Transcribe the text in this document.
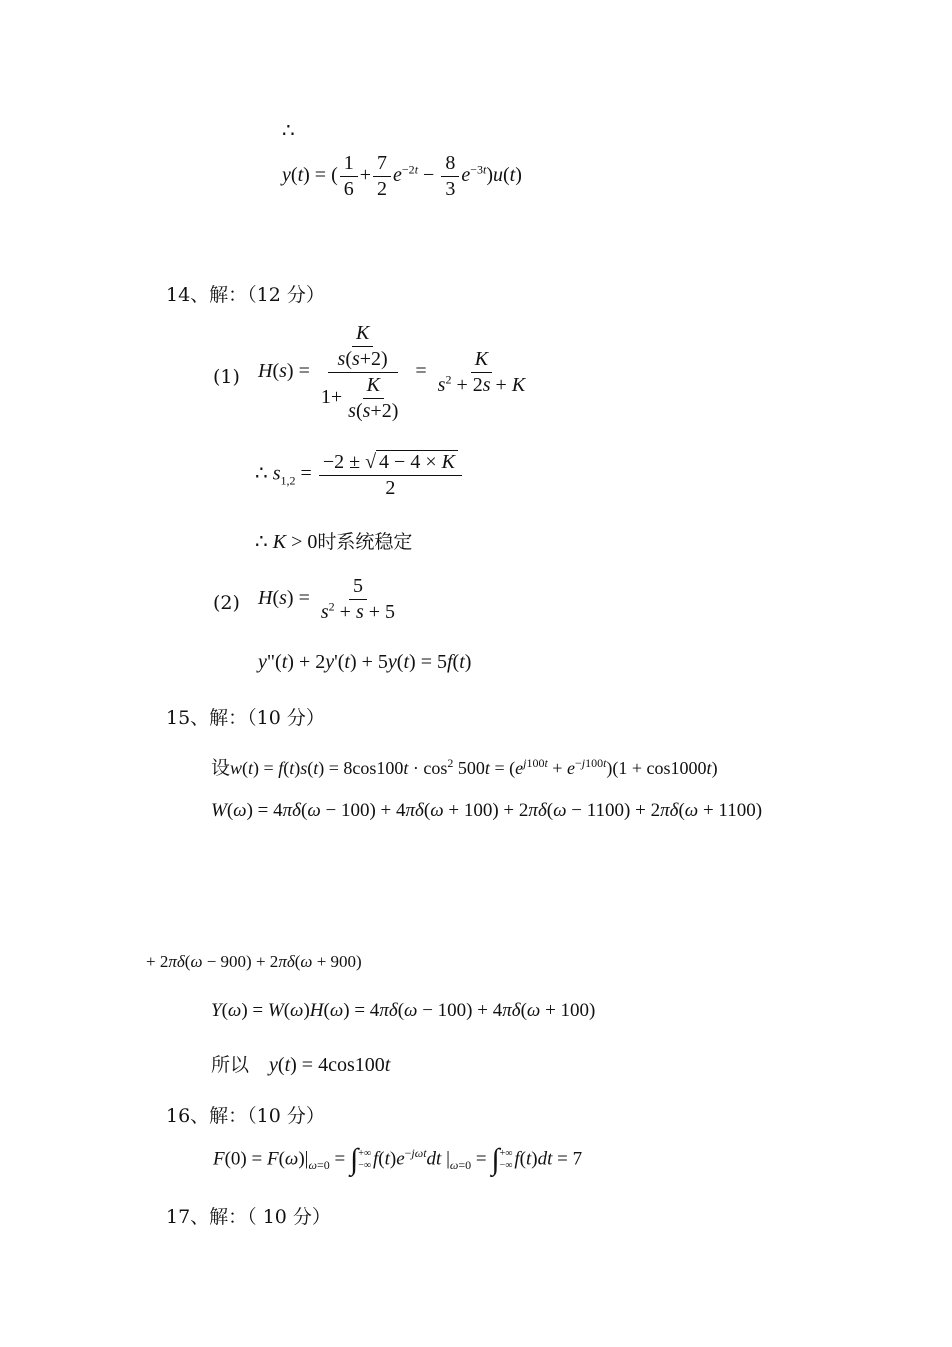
∴
y(t) = ( $\frac{1}{6} + \frac{7}{2} e^{-2t} - \frac{8}{3} e^{-3t})u(t)$
14、解：（12 分）
(1) $H(s) = \frac{\frac{K}{s(s+2)}}{1+ \frac{K}{s(s+2)}} = \frac{K}{s^2 + 2s + K}$
∴ $s_{1,2} = \frac{-2 \pm √ 4 - 4 \times K}{2}$
∴ K > 0时系统稳定
(2) $H(s) = \frac{5}{s^2 + s + 5}$
y"(t) + 2y'(t) + 5y(t) = 5f(t)
15、解：（10 分）
设$w(t) = f(t)s(t) = 8\cos 100t \cdot \cos^2 500t = (e^{j100t} + e^{-j100t})(1 + \cos 1000t)$
W(ω) = 4πδ(ω − 100) + 4πδ(ω + 100) + 2πδ(ω − 1100) + 2πδ(ω + 1100)
+ 2πδ(ω − 900) + 2πδ(ω + 900)
Y(ω) = W(ω)H(ω) = 4πδ(ω − 100) + 4πδ(ω + 100)
所以 y(t) = 4cos100t
16、解：（10 分）
$F(0) = F(\omega)|_{\omega=0}$ = ∫ +∞
−∞ $f(t)e^{-j\omega t}dt$ $|_{\omega=0}$ = ∫ +∞
−∞ f(t)dt = 7
17、解：（ 10 分）
